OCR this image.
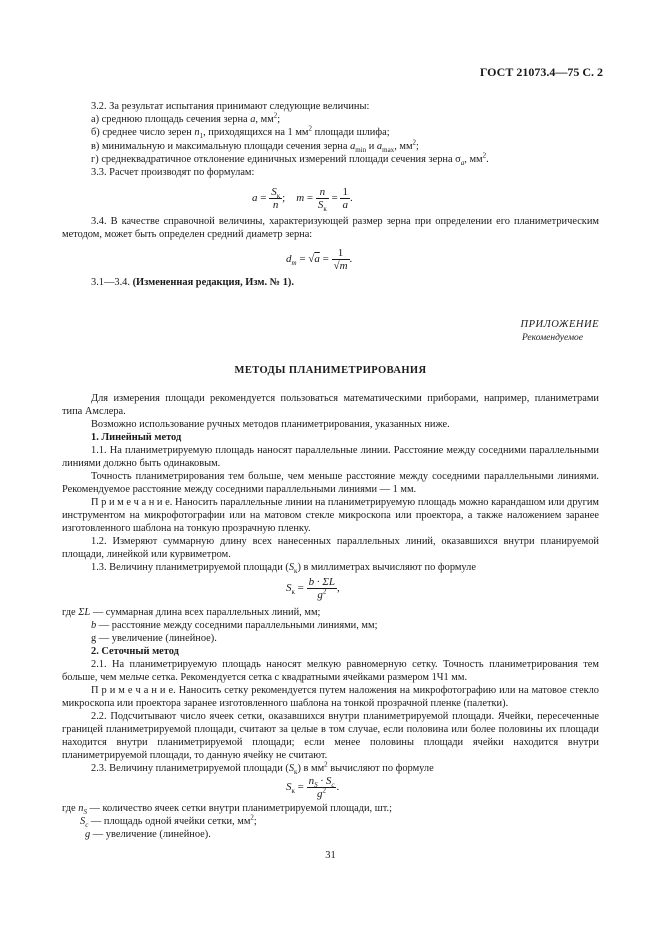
ГОСТ 21073.4—75 С. 2
3.2. За результат испытания принимают следующие величины:
а) среднюю площадь сечения зерна a, $мм^2$;
б) среднее число зерен $n_1$, приходящихся на 1 $мм^2$ площади шлифа;
в) минимальную и максимальную площади сечения зерна $a_{min}$ и $a_{max}$, $мм^2$;
г) среднеквадратичное отклонение единичных измерений площади сечения зерна $\sigma_a$, $мм^2$.
3.3. Расчет производят по формулам:
$a = \frac{S_к}{n}$ ; $m = \frac{n}{S_к} = \frac{1}{a}$ .
3.4. В качестве справочной величины, характеризующей размер зерна при определении его планиметрическим методом, может быть определен средний диаметр зерна:
$d_m = √a = \frac{1}{√m}$ .
3.1—3.4. (Измененная редакция, Изм. № 1).
ПРИЛОЖЕНИЕ
Рекомендуемое
МЕТОДЫ ПЛАНИМЕТРИРОВАНИЯ
Для измерения площади рекомендуется пользоваться математическими приборами, например, планиметрами типа Амслера.
Возможно использование ручных методов планиметрирования, указанных ниже.
1. Линейный метод
1.1. На планиметрируемую площадь наносят параллельные линии. Расстояние между соседними параллельными линиями должно быть одинаковым.
Точность планиметрирования тем больше, чем меньше расстояние между соседними параллельными линиями. Рекомендуемое расстояние между соседними параллельными линиями — 1 мм.
П р и м е ч а н и е. Наносить параллельные линии на планиметрируемую площадь можно карандашом или другим инструментом на микрофотографии или на матовом стекле микроскопа или проектора, а также наложением заранее изготовленного шаблона на тонкую прозрачную пленку.
1.2. Измеряют суммарную длину всех нанесенных параллельных линий, оказавшихся внутри планируемой площади, линейкой или курвиметром.
1.3. Величину планиметрируемой площади $(S_к)$ в миллиметрах вычисляют по формуле
$S_к = \frac{b \cdot \Sigma L}{g^2}$ ,
где ΣL — суммарная длина всех параллельных линий, мм;
b — расстояние между соседними параллельными линиями, мм;
g — увеличение (линейное).
2. Сеточный метод
2.1. На планиметрируемую площадь наносят мелкую равномерную сетку. Точность планиметрирования тем больше, чем мельче сетка. Рекомендуется сетка с квадратными ячейками размером 1Ч1 мм.
П р и м е ч а н и е. Наносить сетку рекомендуется путем наложения на микрофотографию или на матовое стекло микроскопа или проектора заранее изготовленного шаблона на тонкой прозрачной пленке (палетки).
2.2. Подсчитывают число ячеек сетки, оказавшихся внутри планиметрируемой площади. Ячейки, пересеченные границей планиметрируемой площади, считают за целые в том случае, если половина или более половины их площади находится внутри планиметрируемой площади; если менее половины площади ячейки находится внутри планиметрируемой площади, то данную ячейку не считают.
2.3. Величину планиметрируемой площади $(S_к)$ в $мм^2$ вычисляют по формуле
$S_к = \frac{n_S \cdot S_c}{g^2}$ .
где $n_S$ — количество ячеек сетки внутри планиметрируемой площади, шт.;
$S_c$ — площадь одной ячейки сетки, $мм^2$;
g — увеличение (линейное).
31
